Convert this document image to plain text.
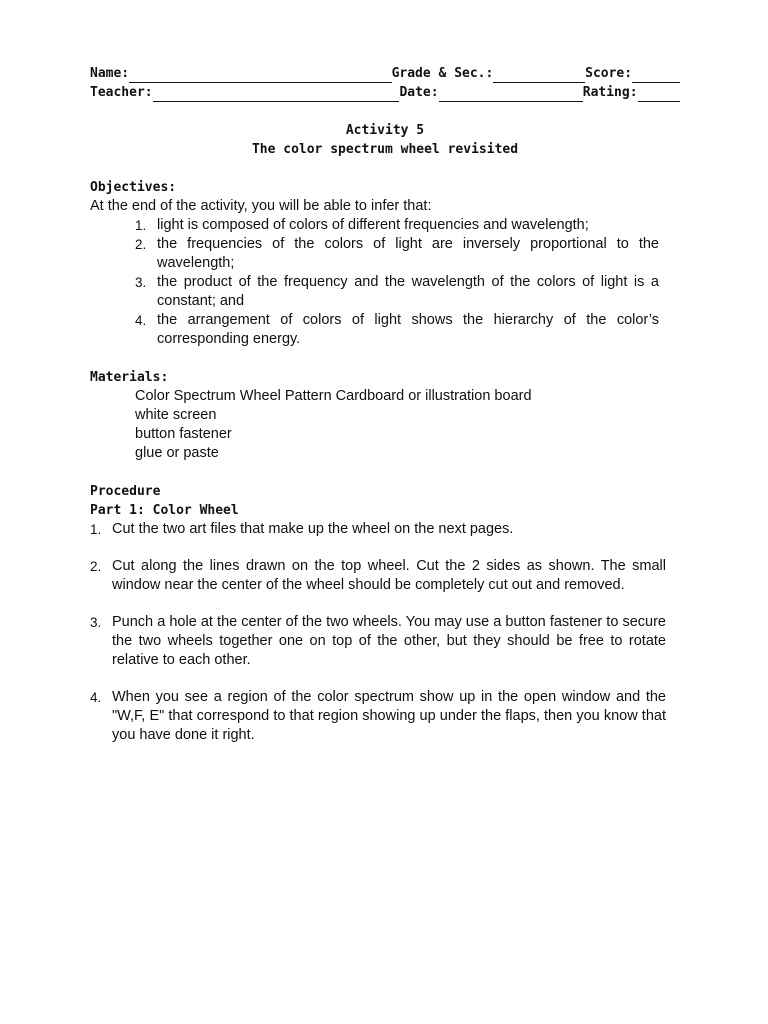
Name:	Grade & Sec.:	Score:
Teacher:	Date:	Rating:
Activity 5
The color spectrum wheel revisited
Objectives:
At the end of the activity, you will be able to infer that:
1. light is composed of colors of different frequencies and wavelength;
2. the frequencies of the colors of light are inversely proportional to the wavelength;
3. the product of the frequency and the wavelength of the colors of light is a constant; and
4. the arrangement of colors of light shows the hierarchy of the color’s corresponding energy.
Materials:
Color Spectrum Wheel Pattern Cardboard or illustration board
white screen
button fastener
glue or paste
Procedure
Part 1: Color Wheel
1. Cut the two art files that make up the wheel on the next pages.
2. Cut along the lines drawn on the top wheel. Cut the 2 sides as shown. The small window near the center of the wheel should be completely cut out and removed.
3. Punch a hole at the center of the two wheels. You may use a button fastener to secure the two wheels together one on top of the other, but they should be free to rotate relative to each other.
4. When you see a region of the color spectrum show up in the open window and the "W,F, E" that correspond to that region showing up under the flaps, then you know that you have done it right.
